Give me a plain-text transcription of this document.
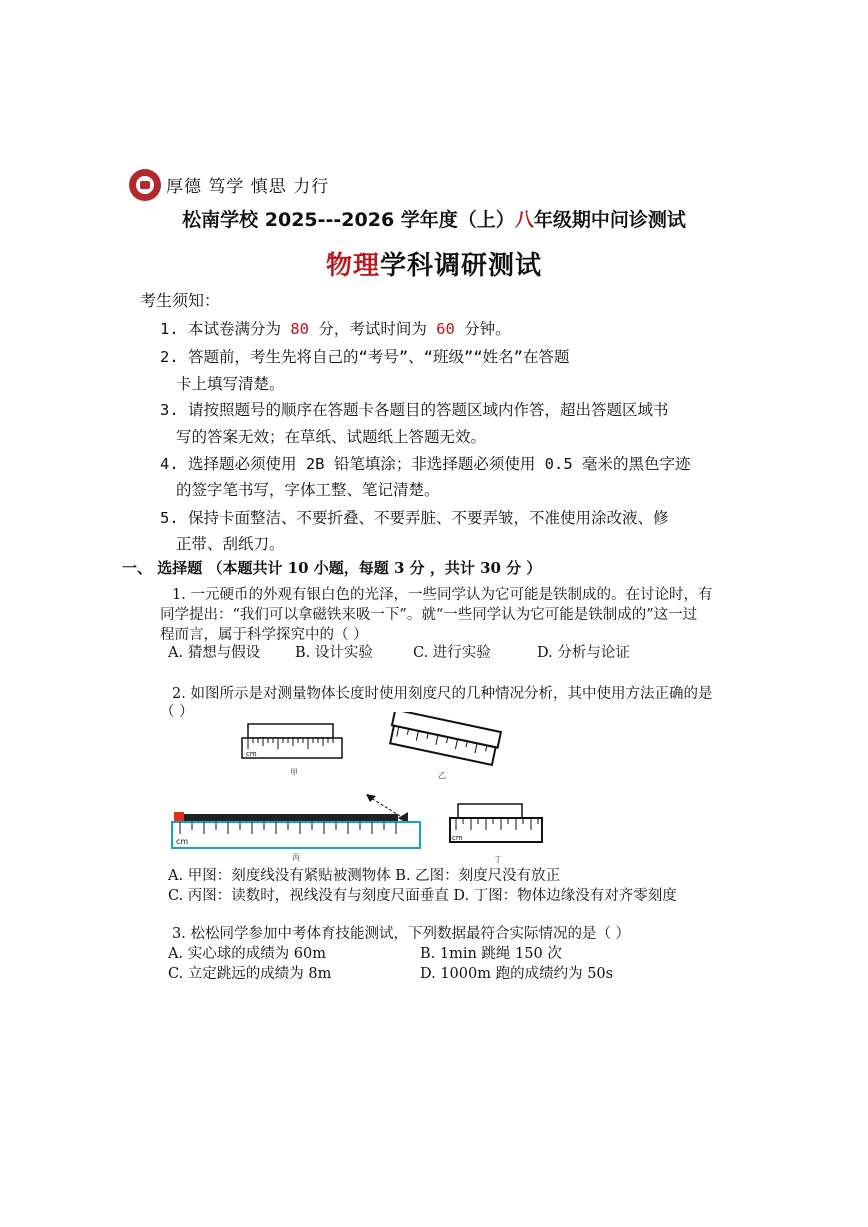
厚德 笃学 慎思 力行
松南学校 2025---2026 学年度（上）八年级期中问诊测试
物理学科调研测试
考生须知：
1. 本试卷满分为 80 分，考试时间为 60 分钟。
2. 答题前，考生先将自己的“考号”、“班级”“姓名”在答题
卡上填写清楚。
3. 请按照题号的顺序在答题卡各题目的答题区域内作答，超出答题区域书
写的答案无效；在草纸、试题纸上答题无效。
4. 选择题必须使用 2B 铅笔填涂；非选择题必须使用 0.5 毫米的黑色字迹
的签字笔书写，字体工整、笔记清楚。
5. 保持卡面整洁、不要折叠、不要弄脏、不要弄皱，不准使用涂改液、修
正带、刮纸刀。
一、 选择题 （本题共计 10 小题，每题 3 分 ，共计 30 分 ）
1. 一元硬币的外观有银白色的光泽，一些同学认为它可能是铁制成的。在讨论时，有
同学提出：“我们可以拿磁铁来吸一下”。就“一些同学认为它可能是铁制成的”这一过
程而言，属于科学探究中的（ ）
A. 猜想与假设 B. 设计实验	C. 进行实验	D. 分析与论证
2. 如图所示是对测量物体长度时使用刻度尺的几种情况分析，其中使用方法正确的是
（ ）
cm
甲	乙
cm
丙
cm
丁
A. 甲图：刻度线没有紧贴被测物体 B. 乙图：刻度尺没有放正
C. 丙图：读数时，视线没有与刻度尺面垂直 D. 丁图：物体边缘没有对齐零刻度
3. 松松同学参加中考体育技能测试，下列数据最符合实际情况的是（ ）
A. 实心球的成绩为 60m	B. 1min 跳绳 150 次
C. 立定跳远的成绩为 8m	D. 1000m 跑的成绩约为 50s
